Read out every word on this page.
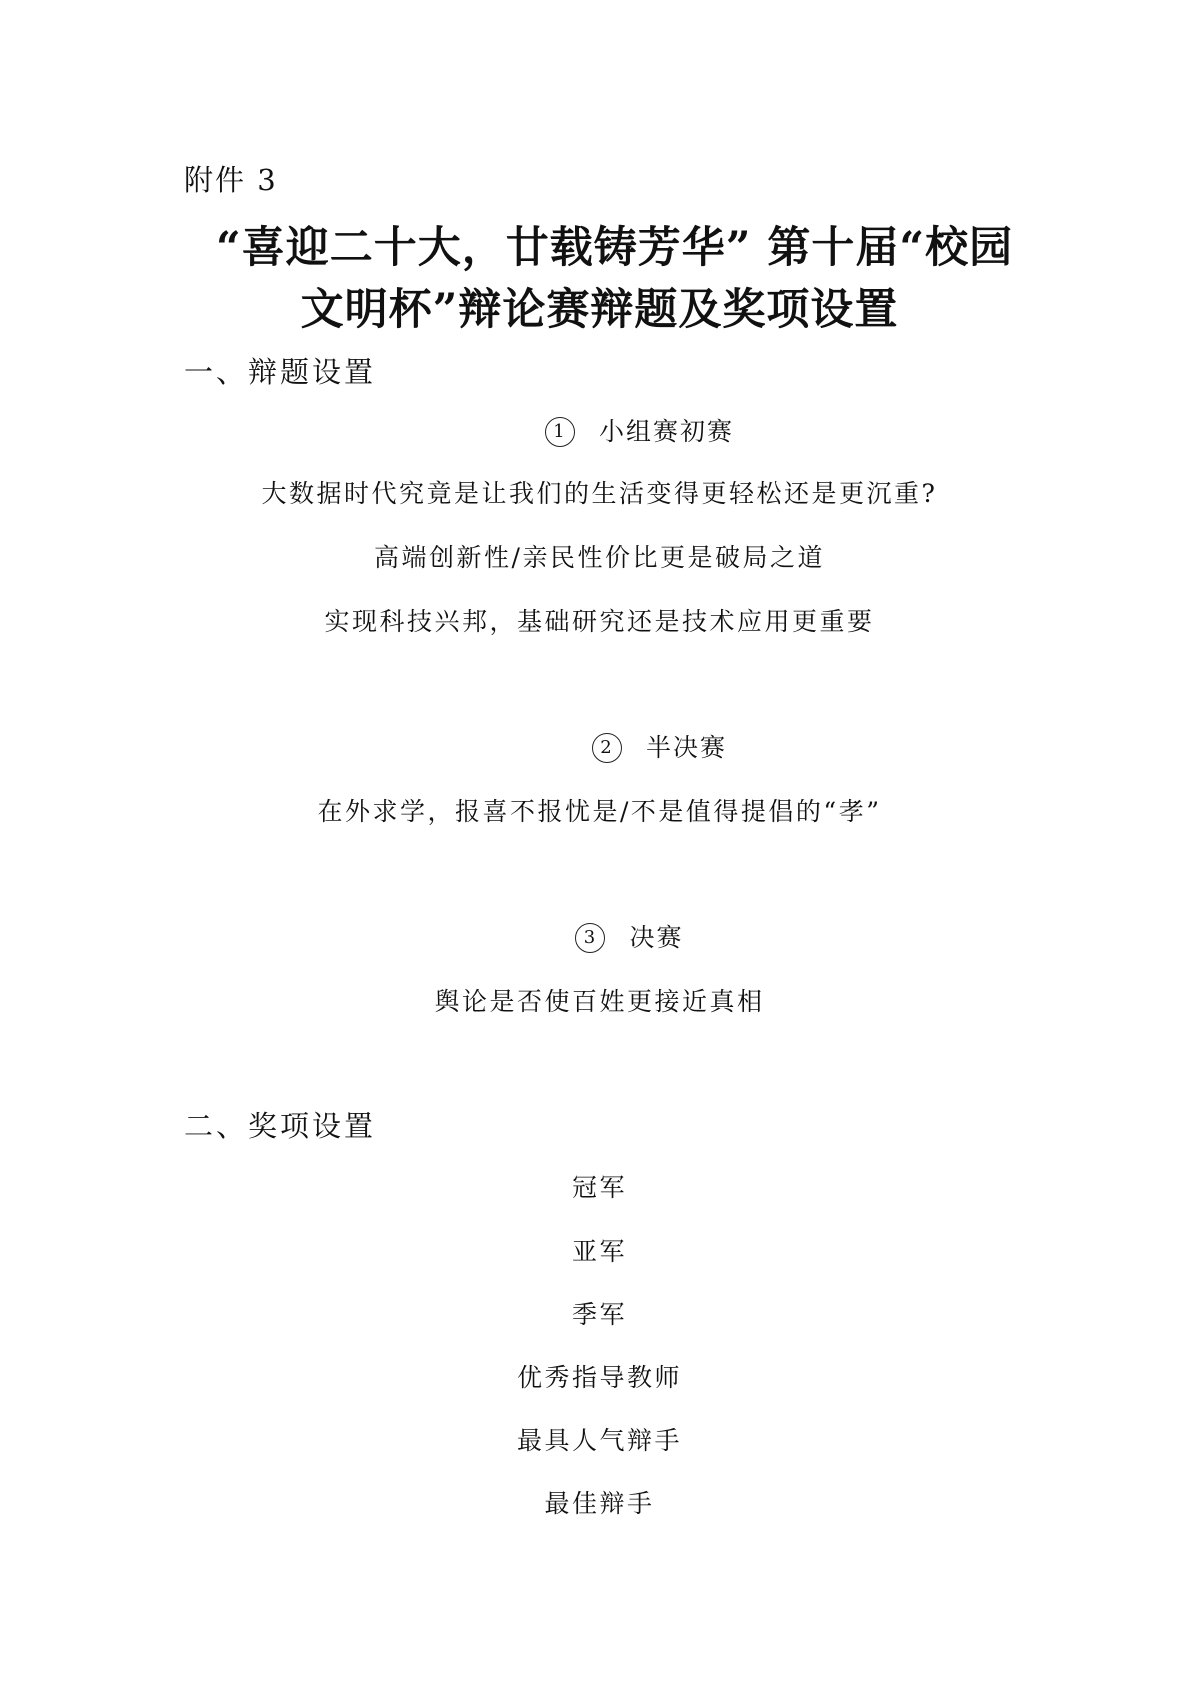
附件 3
“喜迎二十大，廿载铸芳华” 第十届“校园
文明杯”辩论赛辩题及奖项设置
一、辩题设置
1 小组赛初赛
大数据时代究竟是让我们的生活变得更轻松还是更沉重?
高端创新性/亲民性价比更是破局之道
实现科技兴邦，基础研究还是技术应用更重要
2 半决赛
在外求学，报喜不报忧是/不是值得提倡的“孝”
3 决赛
舆论是否使百姓更接近真相
二、奖项设置
冠军
亚军
季军
优秀指导教师
最具人气辩手
最佳辩手
